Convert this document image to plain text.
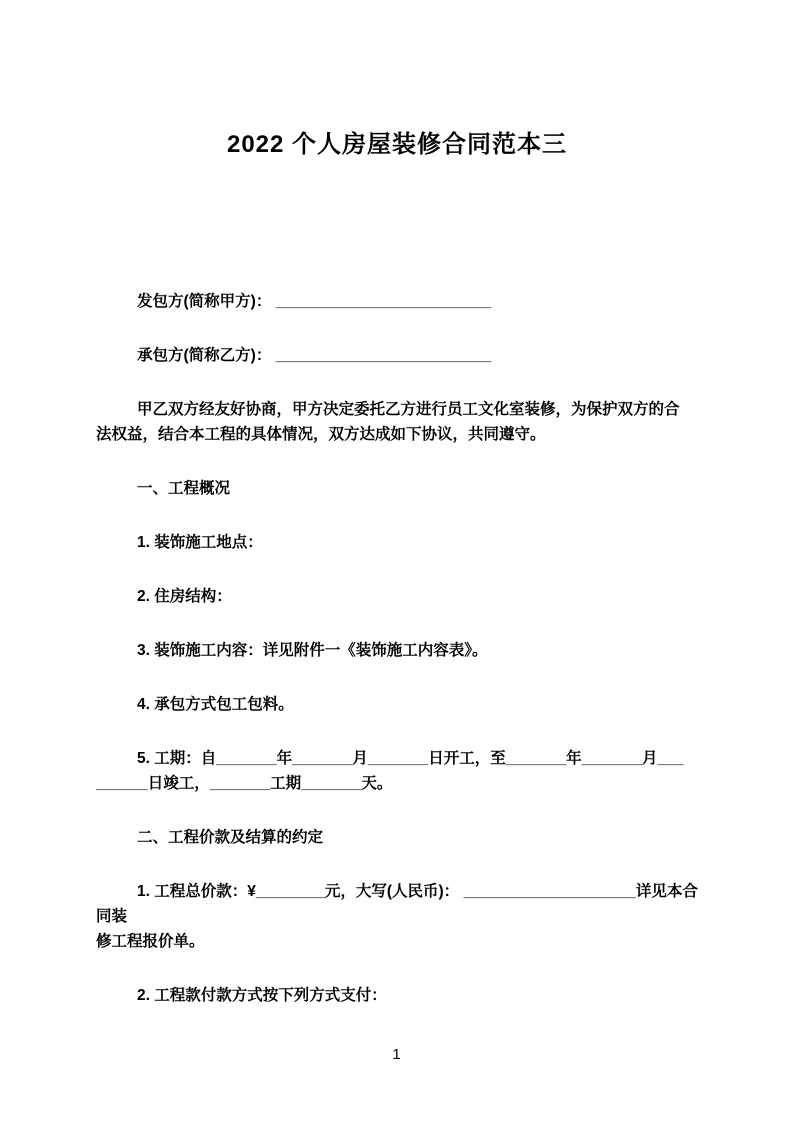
2022 个人房屋装修合同范本三

发包方(简称甲方)： _________________________

承包方(简称乙方)： _________________________

甲乙双方经友好协商，甲方决定委托乙方进行员工文化室装修，为保护双方的合

法权益，结合本工程的具体情况，双方达成如下协议，共同遵守。

一、工程概况

1. 装饰施工地点：

2. 住房结构：

3. 装饰施工内容：详见附件一《装饰施工内容表》。

4. 承包方式包工包料。

5. 工期：自_______年_______月_______日开工，至_______年_______月___

______日竣工，_______工期_______天。

二、工程价款及结算的约定

1. 工程总价款：¥________元，大写(人民币)： ____________________详见本合同装

修工程报价单。

2. 工程款付款方式按下列方式支付：

1
